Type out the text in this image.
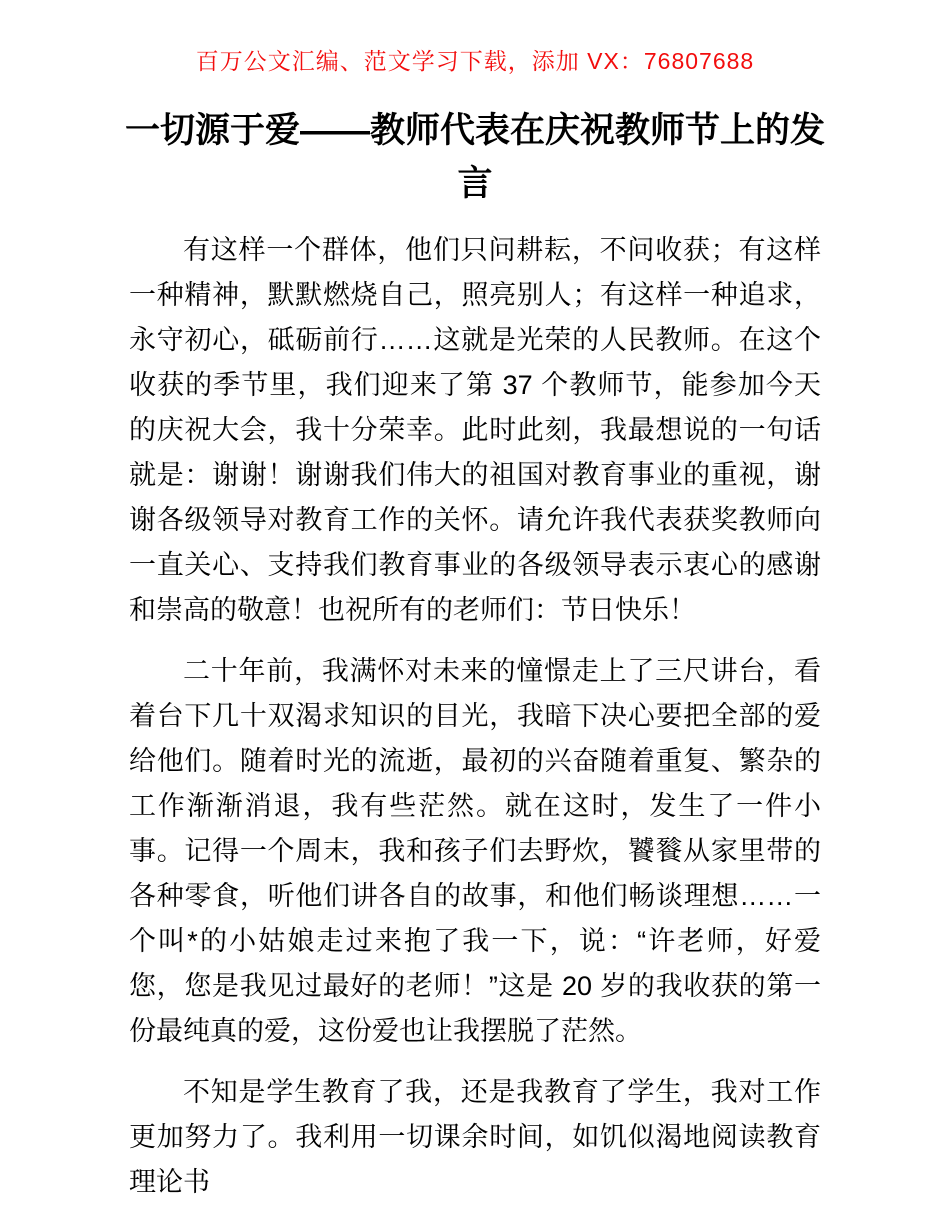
百万公文汇编、范文学习下载，添加 VX：76807688
一切源于爱——教师代表在庆祝教师节上的发言

有这样一个群体，他们只问耕耘，不问收获；有这样一种精神，默默燃烧自己，照亮别人；有这样一种追求，永守初心，砥砺前行……这就是光荣的人民教师。在这个收获的季节里，我们迎来了第 37 个教师节，能参加今天的庆祝大会，我十分荣幸。此时此刻，我最想说的一句话就是：谢谢！谢谢我们伟大的祖国对教育事业的重视，谢谢各级领导对教育工作的关怀。请允许我代表获奖教师向一直关心、支持我们教育事业的各级领导表示衷心的感谢和崇高的敬意！也祝所有的老师们：节日快乐！

二十年前，我满怀对未来的憧憬走上了三尺讲台，看着台下几十双渴求知识的目光，我暗下决心要把全部的爱给他们。随着时光的流逝，最初的兴奋随着重复、繁杂的工作渐渐消退，我有些茫然。就在这时，发生了一件小事。记得一个周末，我和孩子们去野炊，饕餮从家里带的各种零食，听他们讲各自的故事，和他们畅谈理想……一个叫*的小姑娘走过来抱了我一下，说：“许老师，好爱您，您是我见过最好的老师！”这是 20 岁的我收获的第一份最纯真的爱，这份爱也让我摆脱了茫然。

不知是学生教育了我，还是我教育了学生，我对工作更加努力了。我利用一切课余时间，如饥似渴地阅读教育理论书
